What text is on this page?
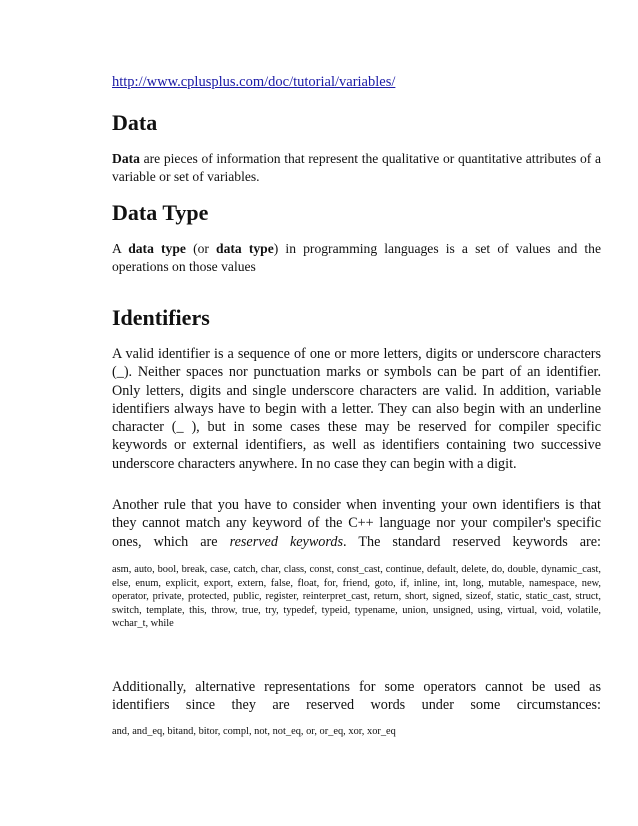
http://www.cplusplus.com/doc/tutorial/variables/
Data

Data are pieces of information that represent the qualitative or quantitative attributes of a variable or set of variables.

Data Type

A data type (or data type) in programming languages is a set of values and the operations on those values

Identifiers

A valid identifier is a sequence of one or more letters, digits or underscore characters (_). Neither spaces nor punctuation marks or symbols can be part of an identifier. Only letters, digits and single underscore characters are valid. In addition, variable identifiers always have to begin with a letter. They can also begin with an underline character (_ ), but in some cases these may be reserved for compiler specific keywords or external identifiers, as well as identifiers containing two successive underscore characters anywhere. In no case they can begin with a digit.

Another rule that you have to consider when inventing your own identifiers is that they cannot match any keyword of the C++ language nor your compiler's specific ones, which are reserved keywords. The standard reserved keywords are:

asm, auto, bool, break, case, catch, char, class, const, const_cast, continue, default, delete, do, double, dynamic_cast, else, enum, explicit, export, extern, false, float, for, friend, goto, if, inline, int, long, mutable, namespace, new, operator, private, protected, public, register, reinterpret_cast, return, short, signed, sizeof, static, static_cast, struct, switch, template, this, throw, true, try, typedef, typeid, typename, union, unsigned, using, virtual, void, volatile, wchar_t, while

Additionally, alternative representations for some operators cannot be used as identifiers since they are reserved words under some circumstances:

and, and_eq, bitand, bitor, compl, not, not_eq, or, or_eq, xor, xor_eq
